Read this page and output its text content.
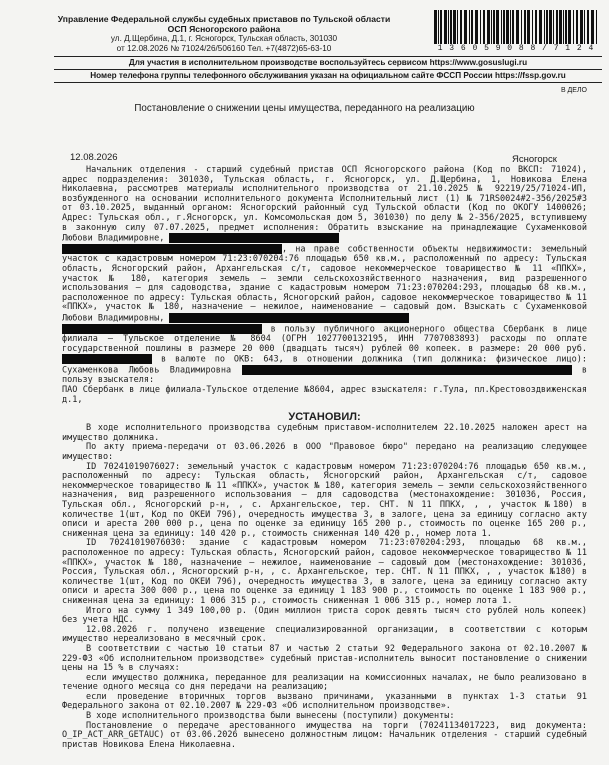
Управление Федеральной службы судебных приставов по Тульской области
ОСП Ясногорского района
ул. Д.Щербина, Д.1, г. Ясногорск, Тульская область, 301030
от 12.08.2026 № 71024/26/506160 Тел. +7(4872)65-63-10	1 3 6 0 5 9 0 8 8 / 7 1 2 4
Для участия в исполнительном производстве воспользуйтесь сервисом https://www.gosuslugi.ru
Номер телефона группы телефонного обслуживания указан на официальном сайте ФССП России https://fssp.gov.ru
В ДЕЛО
Постановление о снижении цены имущества, переданного на реализацию
12.08.2026	Ясногорск

Начальник отделения - старший судебный пристав ОСП Ясногорского района (Код по ВКСП: 71024), адрес подразделения: 301030, Тульская область, г. Ясногорск, ул. Д.Щербина, 1, Новикова Елена Николаевна, рассмотрев материалы исполнительного производства от 21.10.2025 № 92219/25/71024-ИП, возбужденного на основании исполнительного документа Исполнительный лист (1) № 71RS0024#2-356/2025#3 от 03.10.2025, выданный органом: Ясногорский районный суд Тульской области (Код по ОКОГУ 1400026; Адрес: Тульская обл., г.Ясногорск, ул. Комсомольская дом 5, 301030) по делу № 2-356/2025, вступившему в законную силу 07.07.2025, предмет исполнения: Обратить взыскание на принадлежащие Сухаменковой Любови Владимировне,

, на праве собственности объекты недвижимости: земельный участок с кадастровым номером 71:23:070204:76 площадью 650 кв.м., расположенный по адресу: Тульская область, Ясногорский район, Архангельская с/т, садовое некоммерческое товарищество № 11 «ППКХ», участок № 180, категория земель – земли сельскохозяйственного назначения, вид разрешенного использования – для садоводства, здание с кадастровым номером 71:23:070204:293, площадью 68 кв.м., расположенное по адресу: Тульская область, Ясногорский район, садовое некоммерческое товарищество № 11 «ППКХ», участок № 180, назначение – нежилое, наименование – садовый дом. Взыскать с Сухаменковой Любови Владимировны,

в пользу публичного акционерного общества Сбербанк в лице филиала – Тульское отделение № 8604 (ОГРН 1027700132195, ИНН 7707083893) расходы по оплате государственной пошлины в размере 20 000 (двадцать тысяч) рублей 00 копеек. в размере: 20 000 руб.  в валюте по ОКВ: 643, в отношении должника (тип должника: физическое лицо): Сухаменкова Любовь Владимировна	в пользу взыскателя:

ПАО Сбербанк в лице филиала-Тульское отделение №8604, адрес взыскателя: г.Тула, пл.Крестовоздвиженская д.1,

УСТАНОВИЛ:

В ходе исполнительного производства судебным приставом-исполнителем 22.10.2025 наложен арест на имущество должника.

По акту приема-передачи от 03.06.2026 в ООО "Правовое бюро" передано на реализацию следующее имущество:

ID 70241019076027: земельный участок с кадастровым номером 71:23:070204:76 площадью 650 кв.м., расположенный по адресу: Тульская область, Ясногорский район, Архангельская с/т, садовое некоммерческое товарищество № 11 «ППКХ», участок № 180, категория земель – земли сельскохозяйственного назначения, вид разрешенного использования – для садоводства (местонахождение: 301036, Россия, Тульская обл., Ясногорский р-н, , с. Архангельское, тер. СНТ. N 11 ППКХ, , , участок №180) в количестве 1(шт, Код по ОКЕИ 796), очередность имущества 3, в залоге, цена за единицу согласно акту описи и ареста 200 000 р., цена по оценке за единицу 165 200 р., стоимость по оценке 165 200 р., сниженная цена за единицу: 140 420 р., стоимость сниженная 140 420 р., номер лота 1.

ID 70241019076030: здание с кадастровым номером 71:23:070204:293, площадью 68 кв.м., расположенное по адресу: Тульская область, Ясногорский район, садовое некоммерческое товарищество № 11 «ППКХ», участок № 180, назначение – нежилое, наименование – садовый дом (местонахождение: 301036, Россия, Тульская обл., Ясногорский р-н, , с. Архангельское, тер. СНТ. N 11 ППКХ, , , участок №180) в количестве 1(шт, Код по ОКЕИ 796), очередность имущества 3, в залоге, цена за единицу согласно акту описи и ареста 300 000 р., цена по оценке за единицу 1 183 900 р., стоимость по оценке 1 183 900 р., сниженная цена за единицу: 1 006 315 р., стоимость сниженная 1 006 315 р., номер лота 1.

Итого на сумму 1 349 100,00 р. (Один миллион триста сорок девять тысяч сто рублей ноль копеек) без учета НДС.

12.08.2026 г. получено извещение специализированной организации, в соответствии с которым имущество нереализовано в месячный срок.

В соответствии с частью 10 статьи 87 и частью 2 статьи 92 Федерального закона от 02.10.2007 № 229-ФЗ «Об исполнительном производстве» судебный пристав-исполнитель выносит постановление о снижении цены на 15 % в случаях:

если имущество должника, переданное для реализации на комиссионных началах, не было реализовано в течение одного месяца со дня передачи на реализацию;

если проведение вторичных торгов вызвано причинами, указанными в пунктах 1-3 статьи 91 Федерального закона от 02.10.2007 № 229-ФЗ «Об исполнительном производстве».

В ходе исполнительного производства были вынесены (поступили) документы:

Постановление о передаче арестованного имущества на торги (70241134017223, вид документа: O_IP_ACT_ARR_GETAUC) от 03.06.2026 вынесено должностным лицом: Начальник отделения - старший судебный пристав Новикова Елена Николаевна.
